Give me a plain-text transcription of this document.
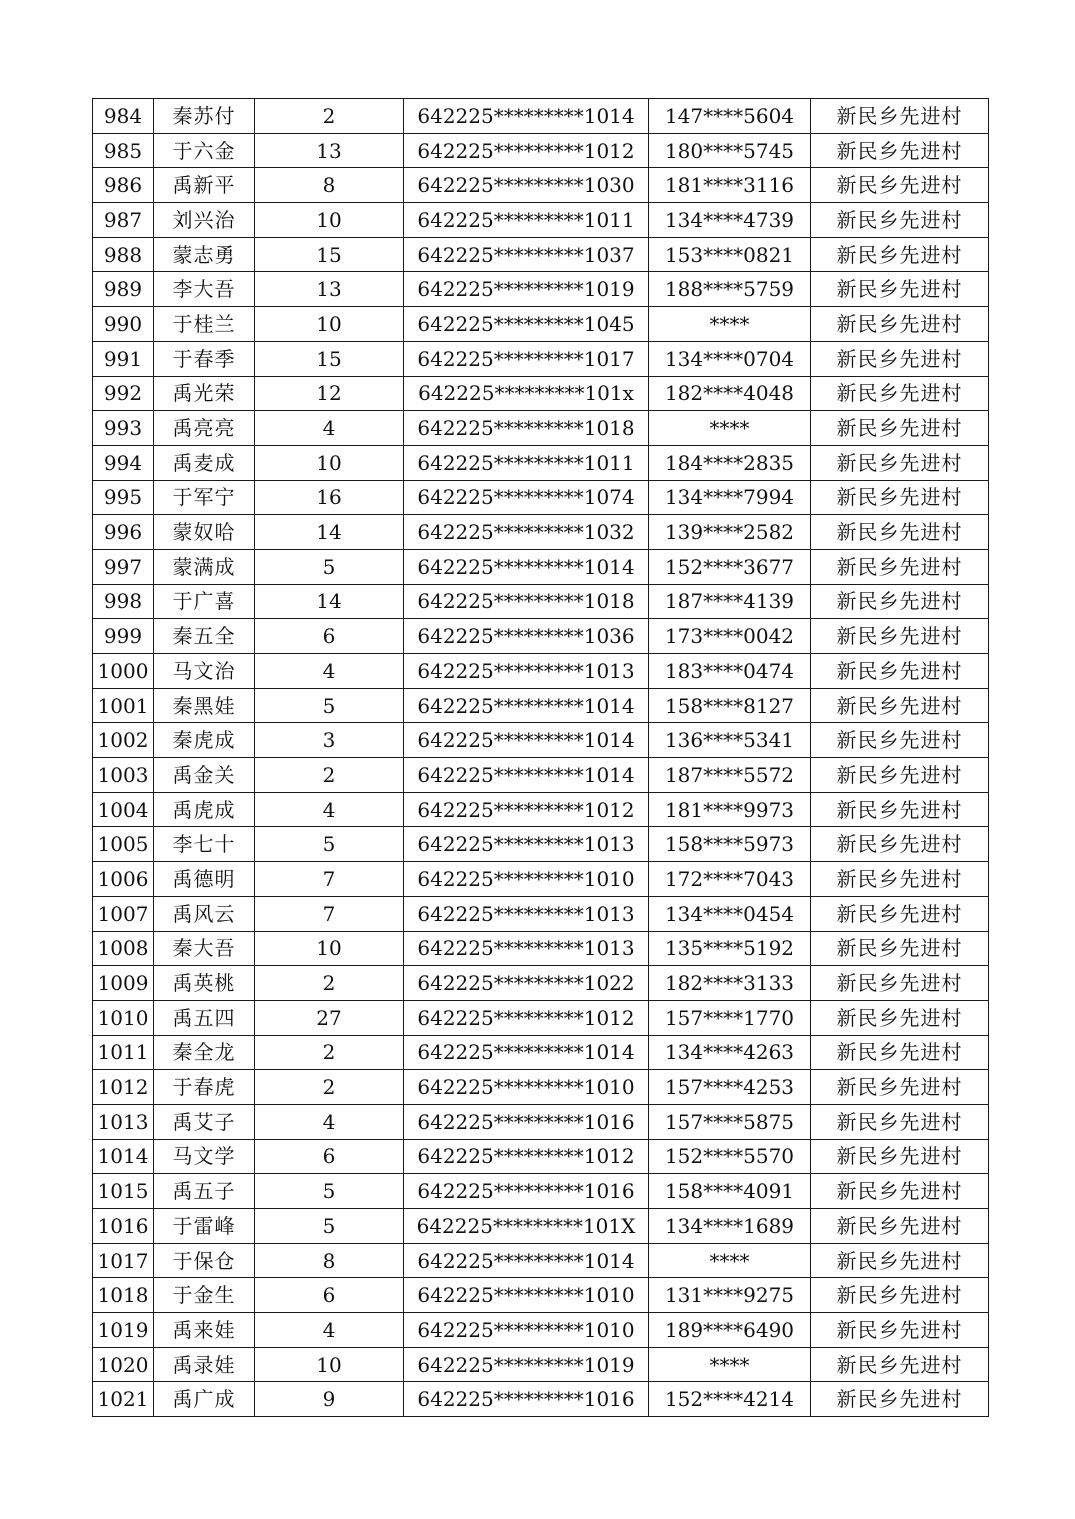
984	秦苏付	2	642225*********1014	147****5604	新民乡先进村
985	于六金	13	642225*********1012	180****5745	新民乡先进村
986	禹新平	8	642225*********1030	181****3116	新民乡先进村
987	刘兴治	10	642225*********1011	134****4739	新民乡先进村
988	蒙志勇	15	642225*********1037	153****0821	新民乡先进村
989	李大吾	13	642225*********1019	188****5759	新民乡先进村
990	于桂兰	10	642225*********1045	****	新民乡先进村
991	于春季	15	642225*********1017	134****0704	新民乡先进村
992	禹光荣	12	642225*********101x	182****4048	新民乡先进村
993	禹亮亮	4	642225*********1018	****	新民乡先进村
994	禹麦成	10	642225*********1011	184****2835	新民乡先进村
995	于军宁	16	642225*********1074	134****7994	新民乡先进村
996	蒙奴哈	14	642225*********1032	139****2582	新民乡先进村
997	蒙满成	5	642225*********1014	152****3677	新民乡先进村
998	于广喜	14	642225*********1018	187****4139	新民乡先进村
999	秦五全	6	642225*********1036	173****0042	新民乡先进村
1000	马文治	4	642225*********1013	183****0474	新民乡先进村
1001	秦黑娃	5	642225*********1014	158****8127	新民乡先进村
1002	秦虎成	3	642225*********1014	136****5341	新民乡先进村
1003	禹金关	2	642225*********1014	187****5572	新民乡先进村
1004	禹虎成	4	642225*********1012	181****9973	新民乡先进村
1005	李七十	5	642225*********1013	158****5973	新民乡先进村
1006	禹德明	7	642225*********1010	172****7043	新民乡先进村
1007	禹风云	7	642225*********1013	134****0454	新民乡先进村
1008	秦大吾	10	642225*********1013	135****5192	新民乡先进村
1009	禹英桃	2	642225*********1022	182****3133	新民乡先进村
1010	禹五四	27	642225*********1012	157****1770	新民乡先进村
1011	秦全龙	2	642225*********1014	134****4263	新民乡先进村
1012	于春虎	2	642225*********1010	157****4253	新民乡先进村
1013	禹艾子	4	642225*********1016	157****5875	新民乡先进村
1014	马文学	6	642225*********1012	152****5570	新民乡先进村
1015	禹五子	5	642225*********1016	158****4091	新民乡先进村
1016	于雷峰	5	642225*********101X	134****1689	新民乡先进村
1017	于保仓	8	642225*********1014	****	新民乡先进村
1018	于金生	6	642225*********1010	131****9275	新民乡先进村
1019	禹来娃	4	642225*********1010	189****6490	新民乡先进村
1020	禹录娃	10	642225*********1019	****	新民乡先进村
1021	禹广成	9	642225*********1016	152****4214	新民乡先进村
